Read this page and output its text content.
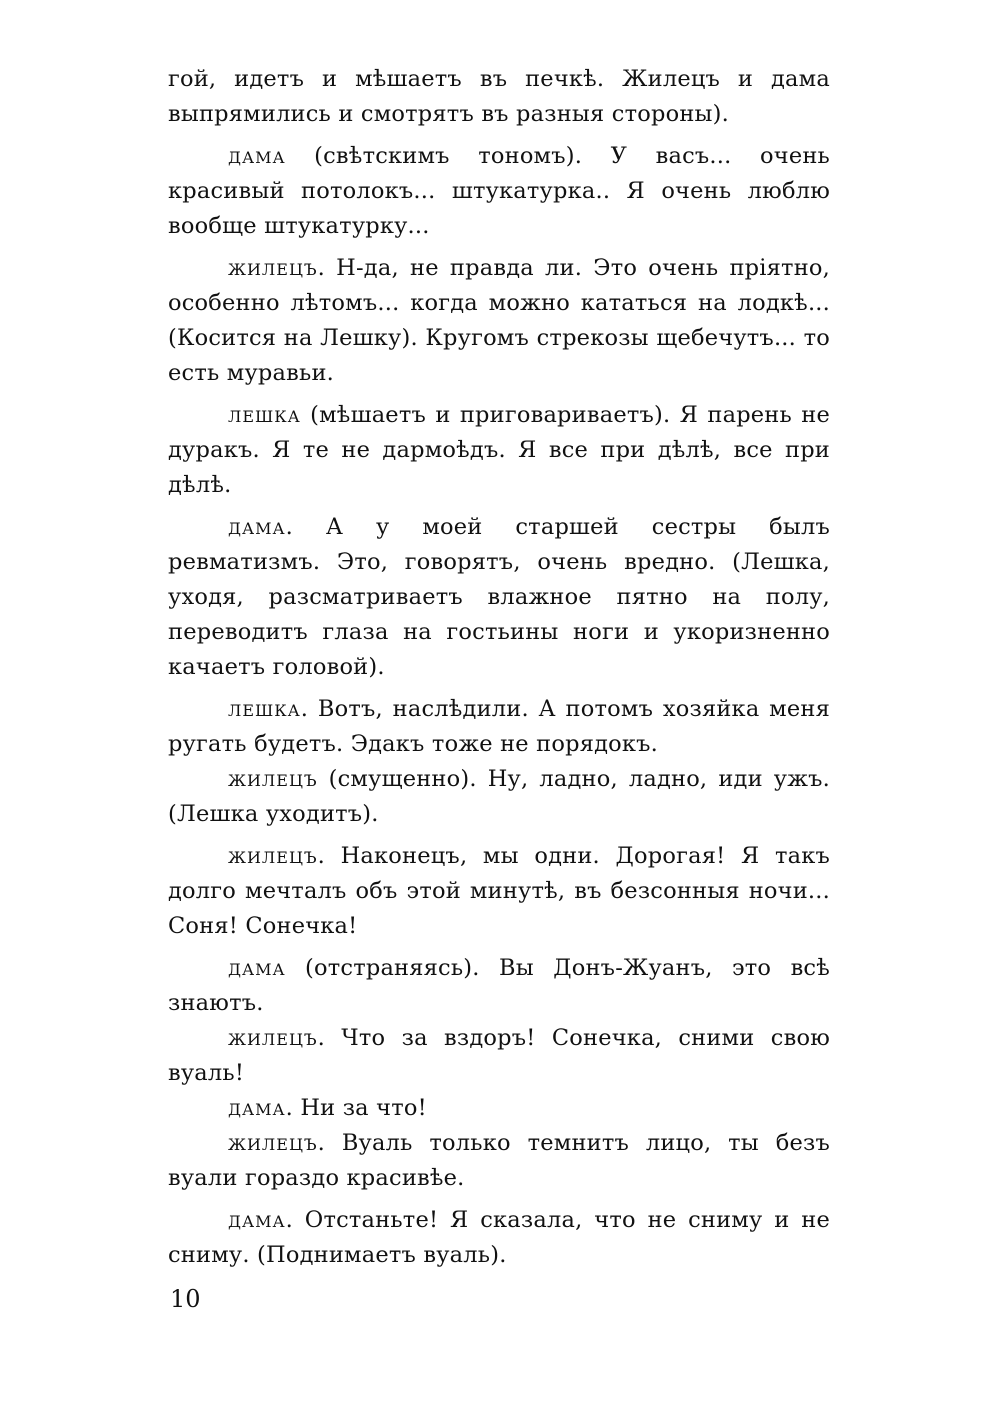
гой, идетъ и мѣшаетъ въ печкѣ. Жилецъ и дама выпрямились и смотрятъ въ разныя стороны).

дама (свѣтскимъ тономъ). У васъ... очень красивый потолокъ... штукатурка.. Я очень люблю вообще штукатурку...

жилецъ. Н-да, не правда ли. Это очень пріятно, особенно лѣтомъ... когда можно кататься на лодкѣ... (Косится на Лешку). Кругомъ стрекозы щебечутъ... то есть муравьи.

лешка (мѣшаетъ и приговариваетъ). Я парень не дуракъ. Я те не дармоѣдъ. Я все при дѣлѣ, все при дѣлѣ.

дама. А у моей старшей сестры былъ ревматизмъ. Это, говорятъ, очень вредно. (Лешка, уходя, разсматриваетъ влажное пятно на полу, переводитъ глаза на гостьины ноги и укоризненно качаетъ головой).

лешка. Вотъ, наслѣдили. А потомъ хозяйка меня ругать будетъ. Эдакъ тоже не порядокъ.

жилецъ (смущенно). Ну, ладно, ладно, иди ужъ. (Лешка уходитъ).

жилецъ. Наконецъ, мы одни. Дорогая! Я такъ долго мечталъ объ этой минутѣ, въ безсонныя ночи... Соня! Сонечка!

дама (отстраняясь). Вы Донъ-Жуанъ, это всѣ знаютъ.

жилецъ. Что за вздоръ! Сонечка, сними свою вуаль!

дама. Ни за что!

жилецъ. Вуаль только темнитъ лицо, ты безъ вуали гораздо красивѣе.

дама. Отстаньте! Я сказала, что не сниму и не сниму. (Поднимаетъ вуаль).

10
